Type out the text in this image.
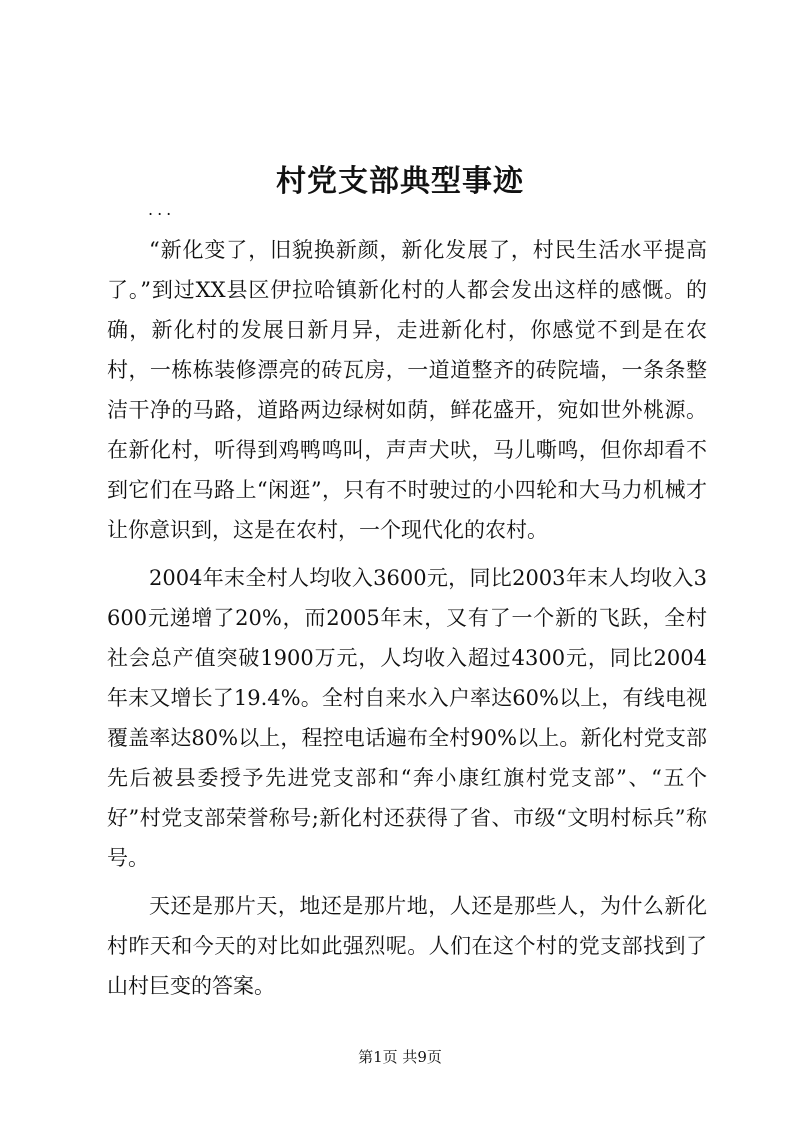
村党支部典型事迹
...

“新化变了，旧貌换新颜，新化发展了，村民生活水平提高了。”到过XX县区伊拉哈镇新化村的人都会发出这样的感慨。的确，新化村的发展日新月异，走进新化村，你感觉不到是在农村，一栋栋装修漂亮的砖瓦房，一道道整齐的砖院墙，一条条整洁干净的马路，道路两边绿树如荫，鲜花盛开，宛如世外桃源。在新化村，听得到鸡鸭鸣叫，声声犬吠，马儿嘶鸣，但你却看不到它们在马路上“闲逛”，只有不时驶过的小四轮和大马力机械才让你意识到，这是在农村，一个现代化的农村。

2004年末全村人均收入3600元，同比2003年末人均收入3600元递增了20%，而2005年末，又有了一个新的飞跃，全村社会总产值突破1900万元，人均收入超过4300元，同比2004年末又增长了19.4%。全村自来水入户率达60%以上，有线电视覆盖率达80%以上，程控电话遍布全村90%以上。新化村党支部先后被县委授予先进党支部和“奔小康红旗村党支部”、“五个好”村党支部荣誉称号;新化村还获得了省、市级“文明村标兵”称号。

天还是那片天，地还是那片地，人还是那些人，为什么新化村昨天和今天的对比如此强烈呢。人们在这个村的党支部找到了山村巨变的答案。

第1页 共9页
